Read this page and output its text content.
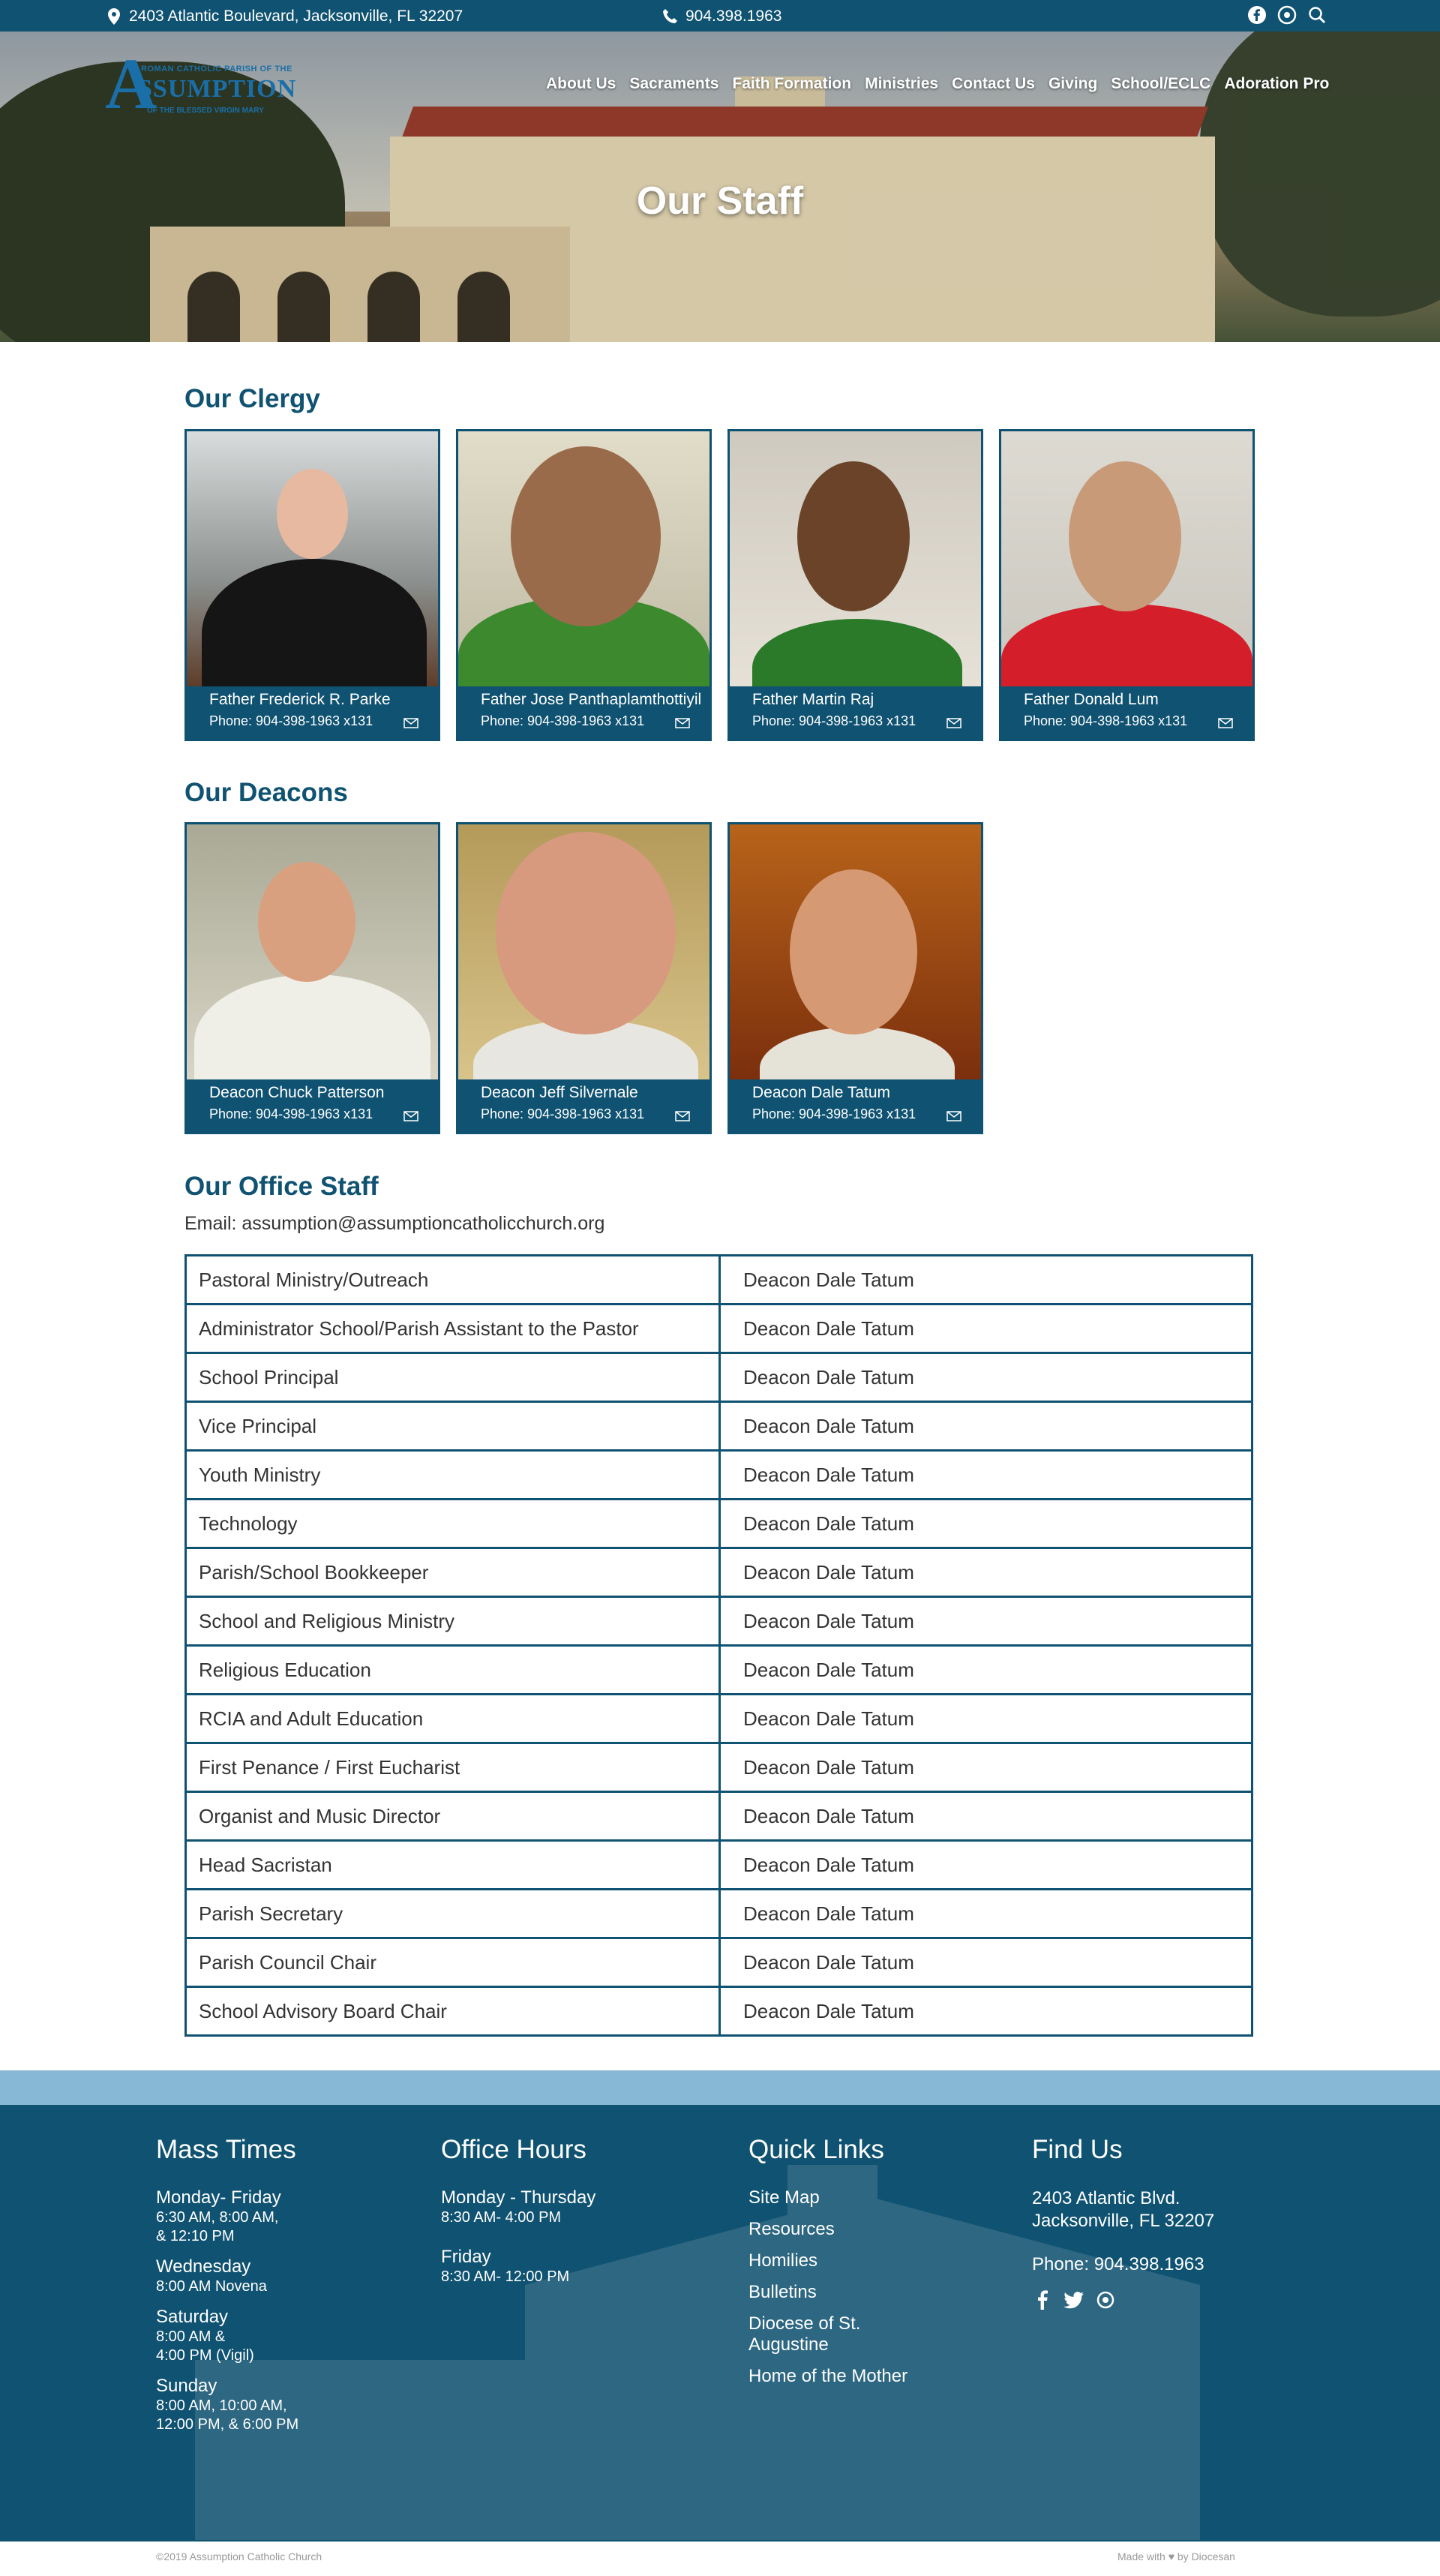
2403 Atlantic Boulevard, Jacksonville, FL 32207	904.398.1963
A
ROMAN CATHOLIC PARISH OF THE
SSUMPTION
OF THE BLESSED VIRGIN MARY
About Us Sacraments Faith Formation Ministries Contact Us Giving School/ECLC Adoration Pro
Our Staff
Our Clergy
Father Frederick R. Parke
Phone: 904-398-1963 x131
Father Jose Panthaplamthottiyil
Phone: 904-398-1963 x131
Father Martin Raj
Phone: 904-398-1963 x131
Father Donald Lum
Phone: 904-398-1963 x131
Our Deacons
Deacon Chuck Patterson
Phone: 904-398-1963 x131
Deacon Jeff Silvernale
Phone: 904-398-1963 x131
Deacon Dale Tatum
Phone: 904-398-1963 x131
Our Office Staff
Email: assumption@assumptioncatholicchurch.org
Pastoral Ministry/Outreach	Deacon Dale Tatum
Administrator School/Parish Assistant to the Pastor	Deacon Dale Tatum
School Principal	Deacon Dale Tatum
Vice Principal	Deacon Dale Tatum
Youth Ministry	Deacon Dale Tatum
Technology	Deacon Dale Tatum
Parish/School Bookkeeper	Deacon Dale Tatum
School and Religious Ministry	Deacon Dale Tatum
Religious Education	Deacon Dale Tatum
RCIA and Adult Education	Deacon Dale Tatum
First Penance / First Eucharist	Deacon Dale Tatum
Organist and Music Director	Deacon Dale Tatum
Head Sacristan	Deacon Dale Tatum
Parish Secretary	Deacon Dale Tatum
Parish Council Chair	Deacon Dale Tatum
School Advisory Board Chair	Deacon Dale Tatum
Mass Times
Monday- Friday
6:30 AM, 8:00 AM,
& 12:10 PM
Wednesday
8:00 AM Novena
Saturday
8:00 AM &
4:00 PM (Vigil)
Sunday
8:00 AM, 10:00 AM,
12:00 PM, & 6:00 PM
Office Hours
Monday - Thursday
8:30 AM- 4:00 PM
Friday
8:30 AM- 12:00 PM
Quick Links
Site Map
Resources
Homilies
Bulletins
Diocese of St. Augustine
Home of the Mother
Find Us
2403 Atlantic Blvd.
Jacksonville, FL 32207
Phone: 904.398.1963
©2019 Assumption Catholic Church	Made with ♥ by Diocesan
